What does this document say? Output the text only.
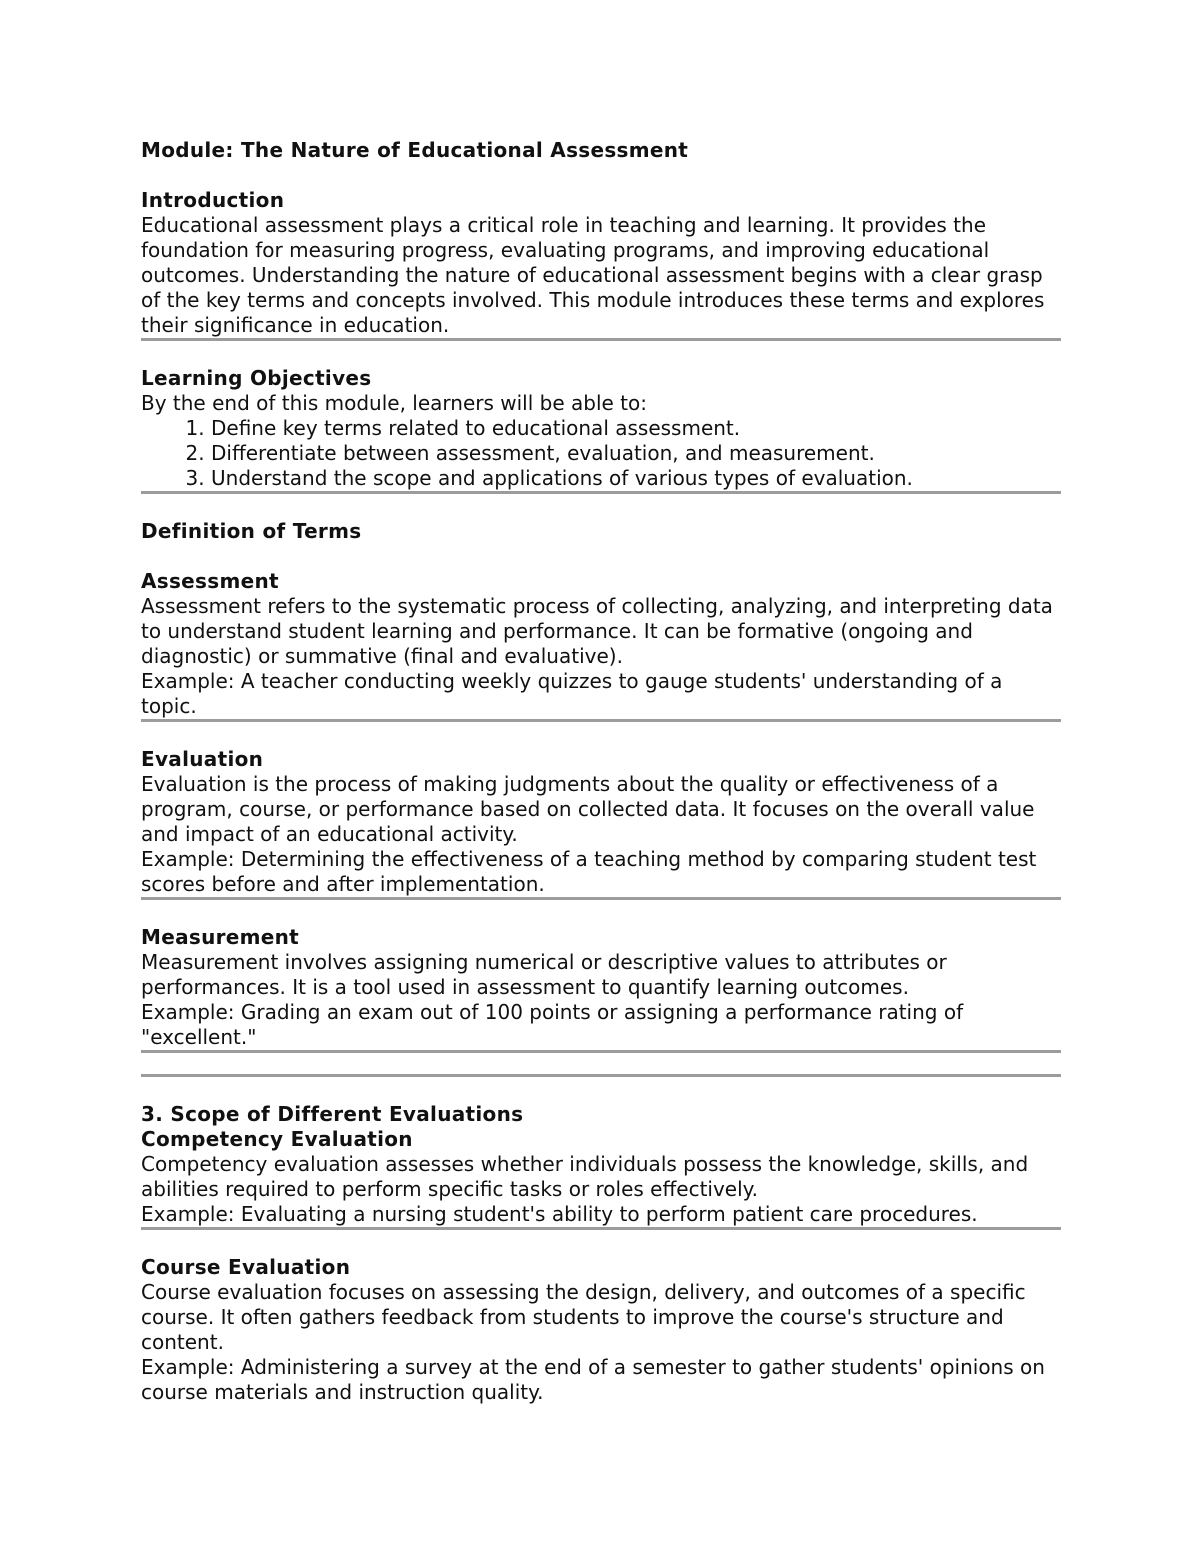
Module: The Nature of Educational Assessment
Introduction

Educational assessment plays a critical role in teaching and learning. It provides the foundation for measuring progress, evaluating programs, and improving educational outcomes. Understanding the nature of educational assessment begins with a clear grasp of the key terms and concepts involved. This module introduces these terms and explores their significance in education.

Learning Objectives

By the end of this module, learners will be able to:

1. Define key terms related to educational assessment.
2. Differentiate between assessment, evaluation, and measurement.
3. Understand the scope and applications of various types of evaluation.
Definition of Terms
Assessment

Assessment refers to the systematic process of collecting, analyzing, and interpreting data to understand student learning and performance. It can be formative (ongoing and diagnostic) or summative (final and evaluative).

Example: A teacher conducting weekly quizzes to gauge students' understanding of a topic.

Evaluation

Evaluation is the process of making judgments about the quality or effectiveness of a program, course, or performance based on collected data. It focuses on the overall value and impact of an educational activity.

Example: Determining the effectiveness of a teaching method by comparing student test scores before and after implementation.

Measurement

Measurement involves assigning numerical or descriptive values to attributes or performances. It is a tool used in assessment to quantify learning outcomes.

Example: Grading an exam out of 100 points or assigning a performance rating of "excellent."

3. Scope of Different Evaluations
Competency Evaluation

Competency evaluation assesses whether individuals possess the knowledge, skills, and abilities required to perform specific tasks or roles effectively.

Example: Evaluating a nursing student's ability to perform patient care procedures.

Course Evaluation

Course evaluation focuses on assessing the design, delivery, and outcomes of a specific course. It often gathers feedback from students to improve the course's structure and content.

Example: Administering a survey at the end of a semester to gather students' opinions on course materials and instruction quality.
